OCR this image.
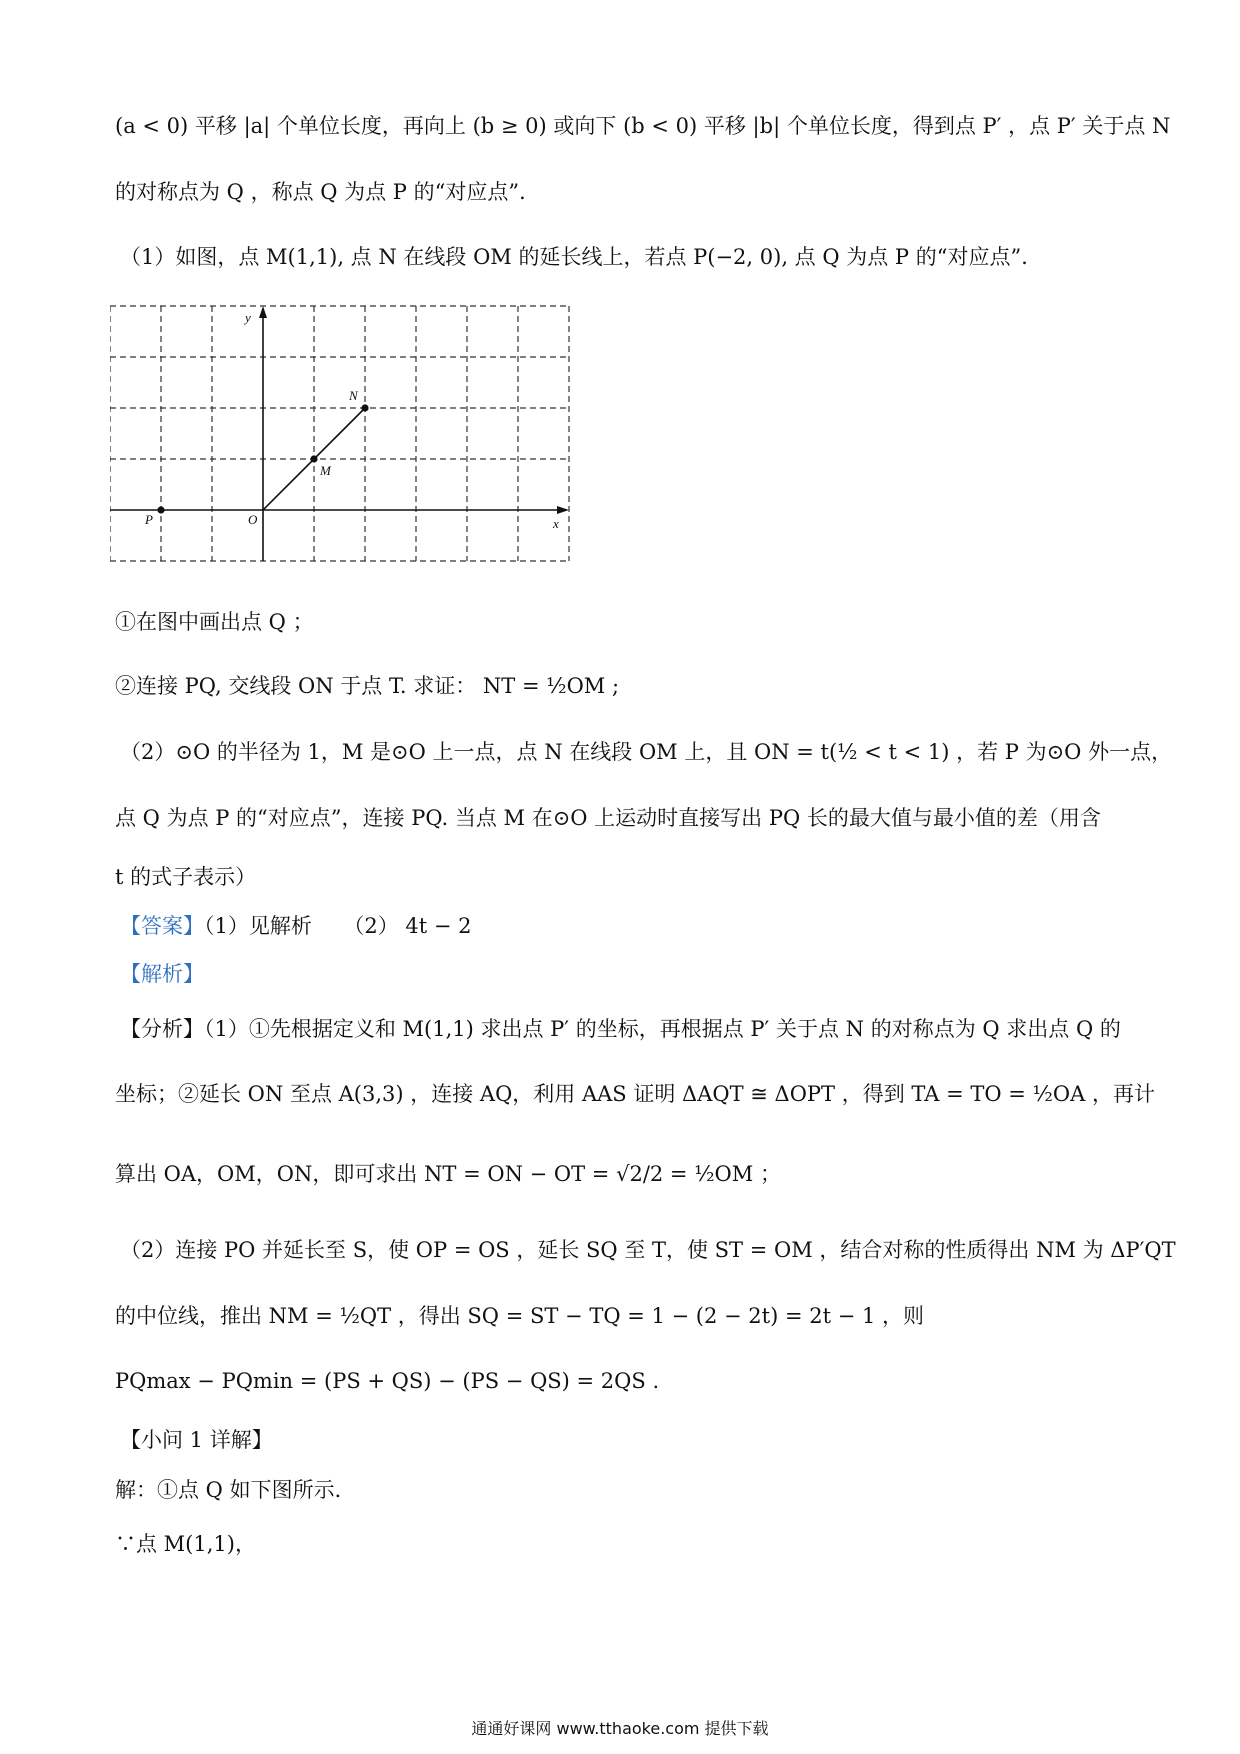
(a < 0) 平移 |a| 个单位长度，再向上 (b ≥ 0) 或向下 (b < 0) 平移 |b| 个单位长度，得到点 P′ ，点 P′ 关于点 N

的对称点为 Q ，称点 Q 为点 P 的“对应点”．

（1）如图，点 M(1,1), 点 N 在线段 OM 的延长线上，若点 P(−2, 0), 点 Q 为点 P 的“对应点”．

y
x
O
P
M
N

①在图中画出点 Q ；

②连接 PQ, 交线段 ON 于点 T. 求证： NT = ½OM ;

（2）⊙O 的半径为 1，M 是⊙O 上一点，点 N 在线段 OM 上，且 ON = t(½ < t < 1) ，若 P 为⊙O 外一点，

点 Q 为点 P 的“对应点”，连接 PQ. 当点 M 在⊙O 上运动时直接写出 PQ 长的最大值与最小值的差（用含

t 的式子表示）

【答案】（1）见解析　　（2） 4t − 2

【解析】

【分析】（1）①先根据定义和 M(1,1) 求出点 P′ 的坐标，再根据点 P′ 关于点 N 的对称点为 Q 求出点 Q 的

坐标；②延长 ON 至点 A(3,3) ，连接 AQ，利用 AAS 证明 ΔAQT ≅ ΔOPT ，得到 TA = TO = ½OA ，再计

算出 OA，OM，ON，即可求出 NT = ON − OT = √2/2 = ½OM ；

（2）连接 PO 并延长至 S，使 OP = OS ，延长 SQ 至 T，使 ST = OM ，结合对称的性质得出 NM 为 ΔP′QT

的中位线，推出 NM = ½QT ，得出 SQ = ST − TQ = 1 − (2 − 2t) = 2t − 1 ，则

PQmax − PQmin = (PS + QS) − (PS − QS) = 2QS .

【小问 1 详解】

解：①点 Q 如下图所示．

∵点 M(1,1)，

通通好课网 www.tthaoke.com 提供下载
